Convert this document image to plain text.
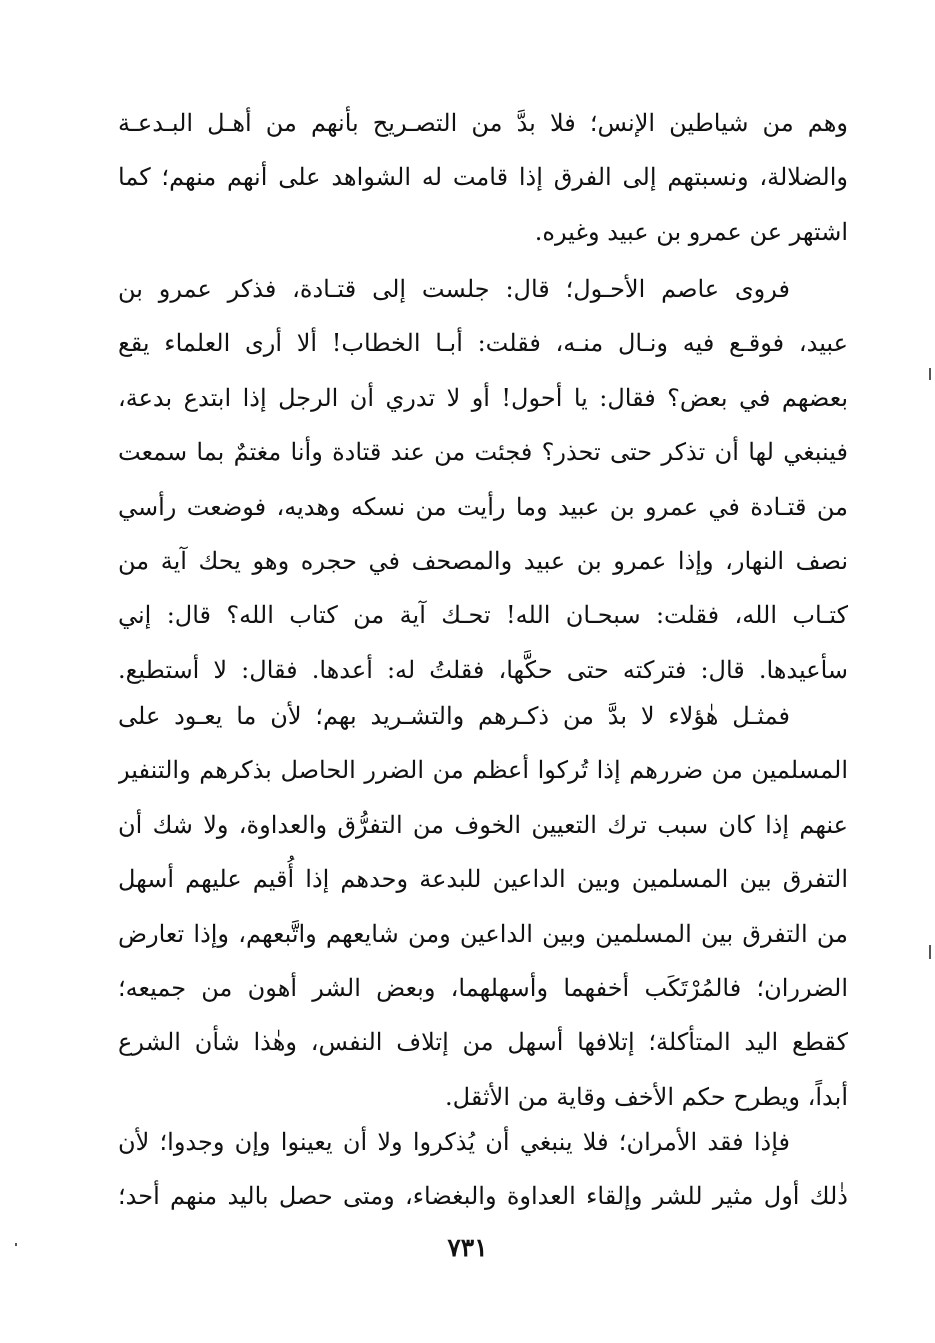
وهم من شياطين الإنس؛ فلا بدَّ من التصـريح بأنهم من أهـل البـدعـة
والضلالة، ونسبتهم إلى الفرق إذا قامت له الشواهد على أنهم منهم؛ كما
اشتهر عن عمرو بن عبيد وغيره.
فروى عاصم الأحـول؛ قال: جلست إلى قتـادة، فذكر عمرو بن
عبيد، فوقـع فيه ونـال منـه، فقلت: أبـا الخطاب! ألا أرى العلماء يقع
بعضهم في بعض؟ فقال: يا أحول! أو لا تدري أن الرجل إذا ابتدع بدعة،
فينبغي لها أن تذكر حتى تحذر؟ فجئت من عند قتادة وأنا مغتمٌ بما سمعت
من قتـادة في عمرو بن عبيد وما رأيت من نسكه وهديه، فوضعت رأسي
نصف النهار، وإذا عمرو بن عبيد والمصحف في حجره وهو يحك آية من
كتـاب الله، فقلت: سبحـان الله! تحـك آية من كتاب الله؟ قال: إني
سأعيدها. قال: فتركته حتى حكَّها، فقلتُ له: أعدها. فقال: لا أستطيع.
فمثـل هٰؤلاء لا بدَّ من ذكـرهم والتشـريد بهم؛ لأن ما يعـود على
المسلمين من ضررهم إذا تُركوا أعظم من الضرر الحاصل بذكرهم والتنفير
عنهم إذا كان سبب ترك التعيين الخوف من التفرُّق والعداوة، ولا شك أن
التفرق بين المسلمين وبين الداعين للبدعة وحدهم إذا أُقيم عليهم أسهل
من التفرق بين المسلمين وبين الداعين ومن شايعهم واتَّبعهم، وإذا تعارض
الضرران؛ فالمُرْتَكَب أخفهما وأسهلهما، وبعض الشر أهون من جميعه؛
كقطع اليد المتأكلة؛ إتلافها أسهل من إتلاف النفس، وهٰذا شأن الشرع
أبداً، ويطرح حكم الأخف وقاية من الأثقل.
فإذا فقد الأمران؛ فلا ينبغي أن يُذكروا ولا أن يعينوا وإن وجدوا؛ لأن
ذٰلك أول مثير للشر وإلقاء العداوة والبغضاء، ومتى حصل باليد منهم أحد؛
٧٣١
